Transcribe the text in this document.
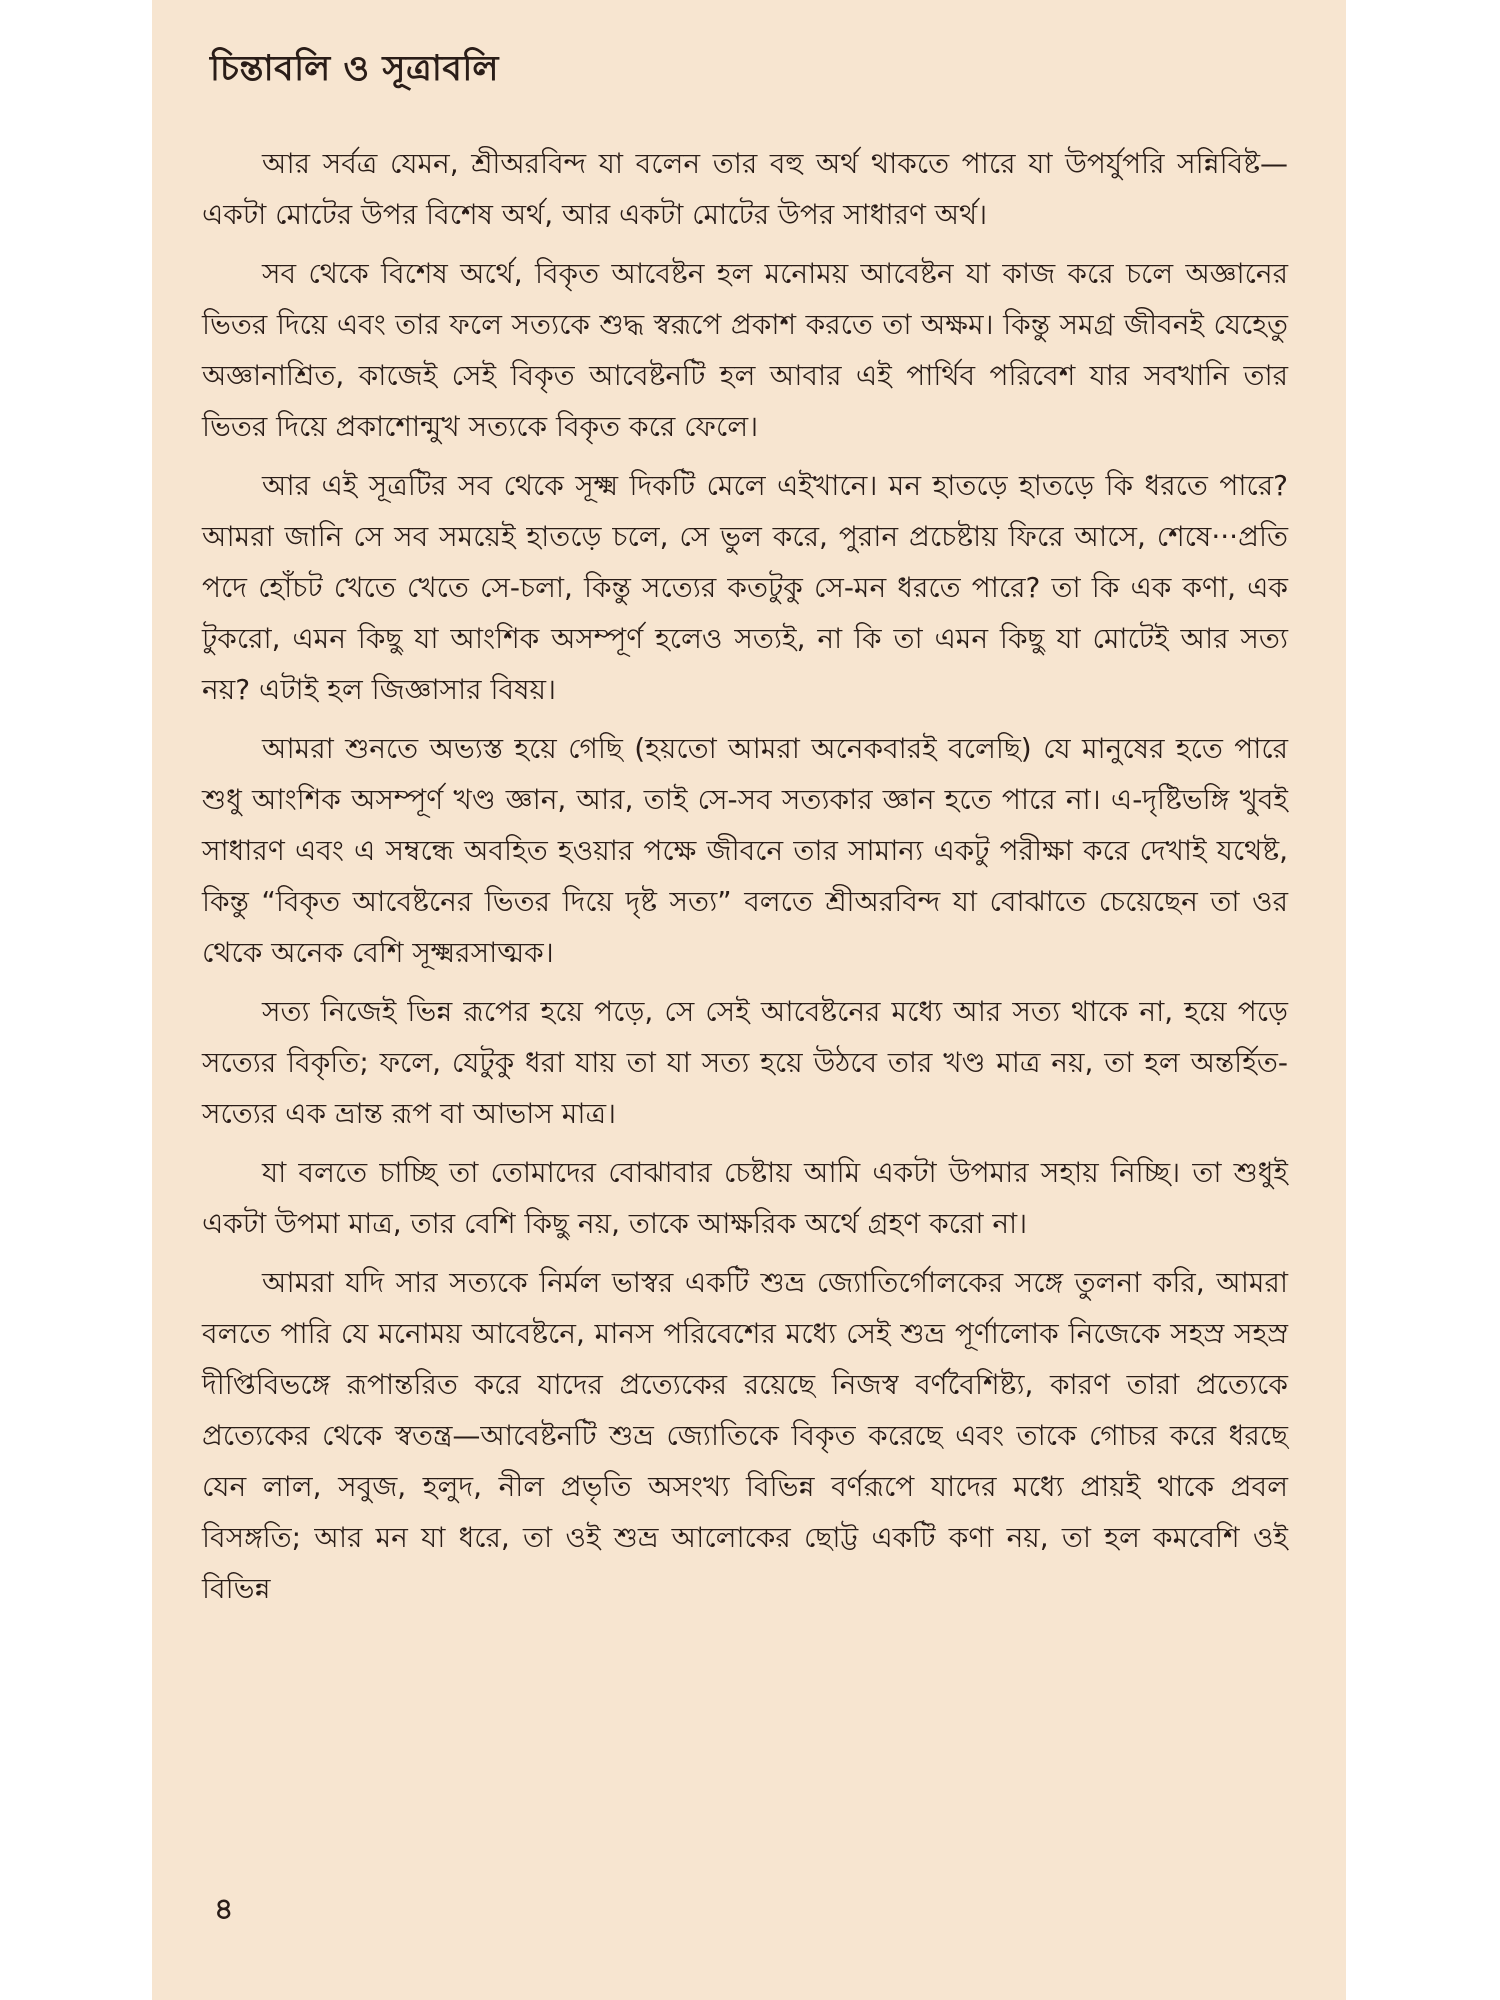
চিন্তাবলি ও সূত্রাবলি

আর সর্বত্র যেমন, শ্রীঅরবিন্দ যা বলেন তার বহু অর্থ থাকতে পারে যা উপর্যুপরি সন্নিবিষ্ট—একটা মোটের উপর বিশেষ অর্থ, আর একটা মোটের উপর সাধারণ অর্থ।

সব থেকে বিশেষ অর্থে, বিকৃত আবেষ্টন হল মনোময় আবেষ্টন যা কাজ করে চলে অজ্ঞানের ভিতর দিয়ে এবং তার ফলে সত্যকে শুদ্ধ স্বরূপে প্রকাশ করতে তা অক্ষম। কিন্তু সমগ্র জীবনই যেহেতু অজ্ঞানাশ্রিত, কাজেই সেই বিকৃত আবেষ্টনটি হল আবার এই পার্থিব পরিবেশ যার সবখানি তার ভিতর দিয়ে প্রকাশোন্মুখ সত্যকে বিকৃত করে ফেলে।

আর এই সূত্রটির সব থেকে সূক্ষ্ম দিকটি মেলে এইখানে। মন হাতড়ে হাতড়ে কি ধরতে পারে? আমরা জানি সে সব সময়েই হাতড়ে চলে, সে ভুল করে, পুরান প্রচেষ্টায় ফিরে আসে, শেষে···প্রতি পদে হোঁচট খেতে খেতে সে-চলা, কিন্তু সত্যের কতটুকু সে-মন ধরতে পারে? তা কি এক কণা, এক টুকরো, এমন কিছু যা আংশিক অসম্পূর্ণ হলেও সত্যই, না কি তা এমন কিছু যা মোটেই আর সত্য নয়? এটাই হল জিজ্ঞাসার বিষয়।

আমরা শুনতে অভ্যস্ত হয়ে গেছি (হয়তো আমরা অনেকবারই বলেছি) যে মানুষের হতে পারে শুধু আংশিক অসম্পূর্ণ খণ্ড জ্ঞান, আর, তাই সে-সব সত্যকার জ্ঞান হতে পারে না। এ-দৃষ্টিভঙ্গি খুবই সাধারণ এবং এ সম্বন্ধে অবহিত হওয়ার পক্ষে জীবনে তার সামান্য একটু পরীক্ষা করে দেখাই যথেষ্ট, কিন্তু “বিকৃত আবেষ্টনের ভিতর দিয়ে দৃষ্ট সত্য” বলতে শ্রীঅরবিন্দ যা বোঝাতে চেয়েছেন তা ওর থেকে অনেক বেশি সূক্ষ্মরসাত্মক।

সত্য নিজেই ভিন্ন রূপের হয়ে পড়ে, সে সেই আবেষ্টনের মধ্যে আর সত্য থাকে না, হয়ে পড়ে সত্যের বিকৃতি; ফলে, যেটুকু ধরা যায় তা যা সত্য হয়ে উঠবে তার খণ্ড মাত্র নয়, তা হল অন্তর্হিত-সত্যের এক ভ্রান্ত রূপ বা আভাস মাত্র।

যা বলতে চাচ্ছি তা তোমাদের বোঝাবার চেষ্টায় আমি একটা উপমার সহায় নিচ্ছি। তা শুধুই একটা উপমা মাত্র, তার বেশি কিছু নয়, তাকে আক্ষরিক অর্থে গ্রহণ করো না।

আমরা যদি সার সত্যকে নির্মল ভাস্বর একটি শুভ্র জ্যোতির্গোলকের সঙ্গে তুলনা করি, আমরা বলতে পারি যে মনোময় আবেষ্টনে, মানস পরিবেশের মধ্যে সেই শুভ্র পূর্ণালোক নিজেকে সহস্র সহস্র দীপ্তিবিভঙ্গে রূপান্তরিত করে যাদের প্রত্যেকের রয়েছে নিজস্ব বর্ণবৈশিষ্ট্য, কারণ তারা প্রত্যেকে প্রত্যেকের থেকে স্বতন্ত্র—আবেষ্টনটি শুভ্র জ্যোতিকে বিকৃত করেছে এবং তাকে গোচর করে ধরছে যেন লাল, সবুজ, হলুদ, নীল প্রভৃতি অসংখ্য বিভিন্ন বর্ণরূপে যাদের মধ্যে প্রায়ই থাকে প্রবল বিসঙ্গতি; আর মন যা ধরে, তা ওই শুভ্র আলোকের ছোট্ট একটি কণা নয়, তা হল কমবেশি ওই বিভিন্ন

৪
